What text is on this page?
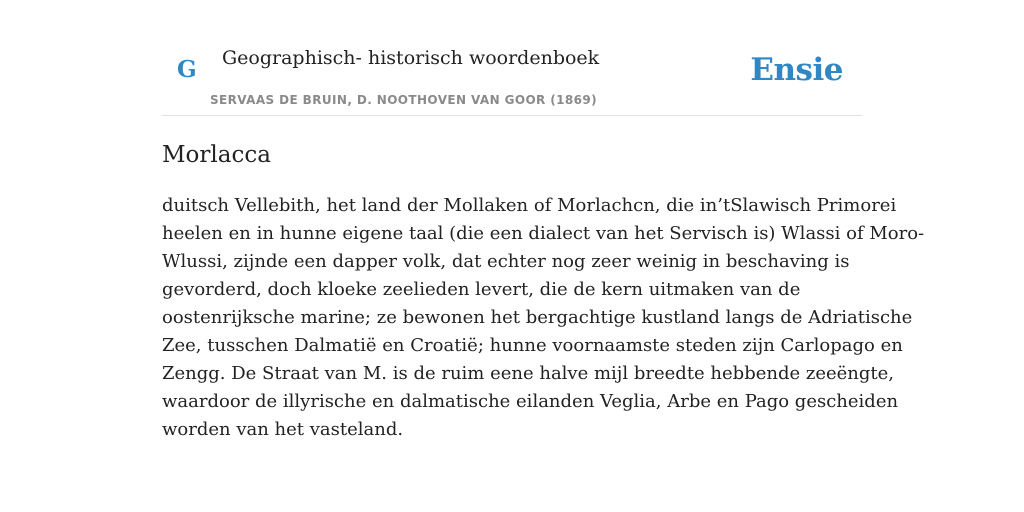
G Geographisch- historisch woordenboek
SERVAAS DE BRUIN, D. NOOTHOVEN VAN GOOR (1869)
Ensie
Morlacca

duitsch Vellebith, het land der Mollaken of Morlachcn, die in’tSlawisch Primorei
heelen en in hunne eigene taal (die een dialect van het Servisch is) Wlassi of Moro-
Wlussi, zijnde een dapper volk, dat echter nog zeer weinig in beschaving is
gevorderd, doch kloeke zeelieden levert, die de kern uitmaken van de
oostenrijksche marine; ze bewonen het bergachtige kustland langs de Adriatische
Zee, tusschen Dalmatië en Croatië; hunne voornaamste steden zijn Carlopago en
Zengg. De Straat van M. is de ruim eene halve mijl breedte hebbende zeeëngte,
waardoor de illyrische en dalmatische eilanden Veglia, Arbe en Pago gescheiden
worden van het vasteland.
